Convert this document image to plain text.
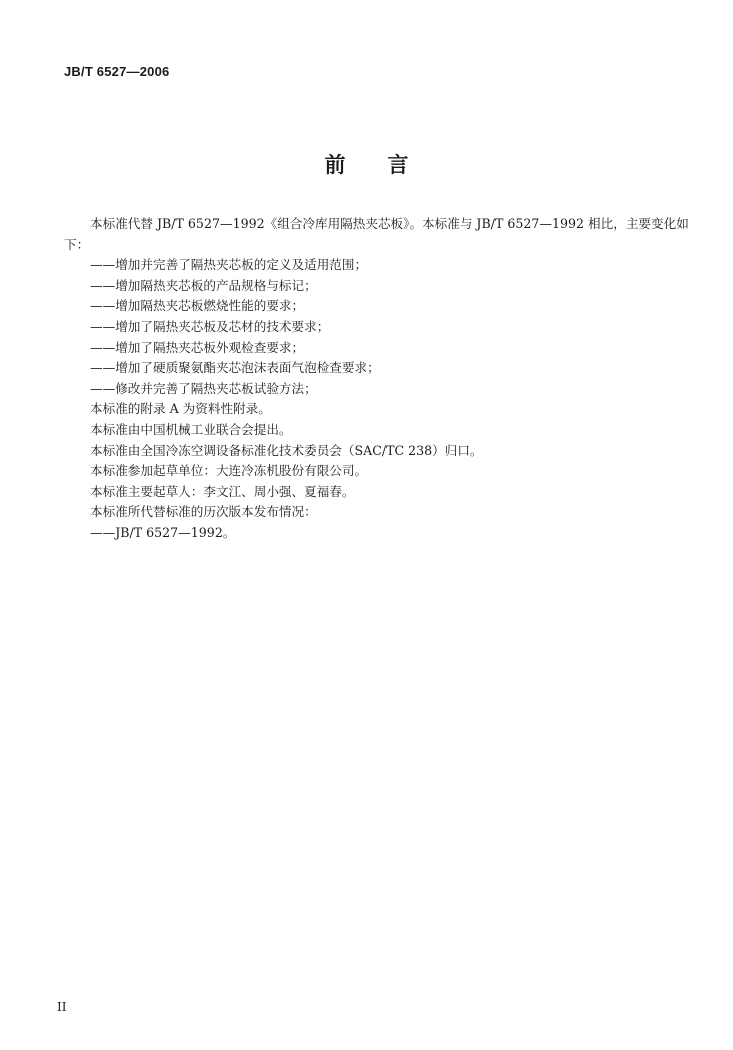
JB/T 6527—2006
前 言

本标准代替 JB/T 6527—1992《组合冷库用隔热夹芯板》。本标准与 JB/T 6527—1992 相比，主要变化如下：

——增加并完善了隔热夹芯板的定义及适用范围；

——增加隔热夹芯板的产品规格与标记；

——增加隔热夹芯板燃烧性能的要求；

——增加了隔热夹芯板及芯材的技术要求；

——增加了隔热夹芯板外观检查要求；

——增加了硬质聚氨酯夹芯泡沫表面气泡检查要求；

——修改并完善了隔热夹芯板试验方法；

本标准的附录 A 为资料性附录。

本标准由中国机械工业联合会提出。

本标准由全国冷冻空调设备标准化技术委员会（SAC/TC 238）归口。

本标准参加起草单位：大连冷冻机股份有限公司。

本标准主要起草人：李文江、周小强、夏福春。

本标准所代替标准的历次版本发布情况：

——JB/T 6527—1992。

II
